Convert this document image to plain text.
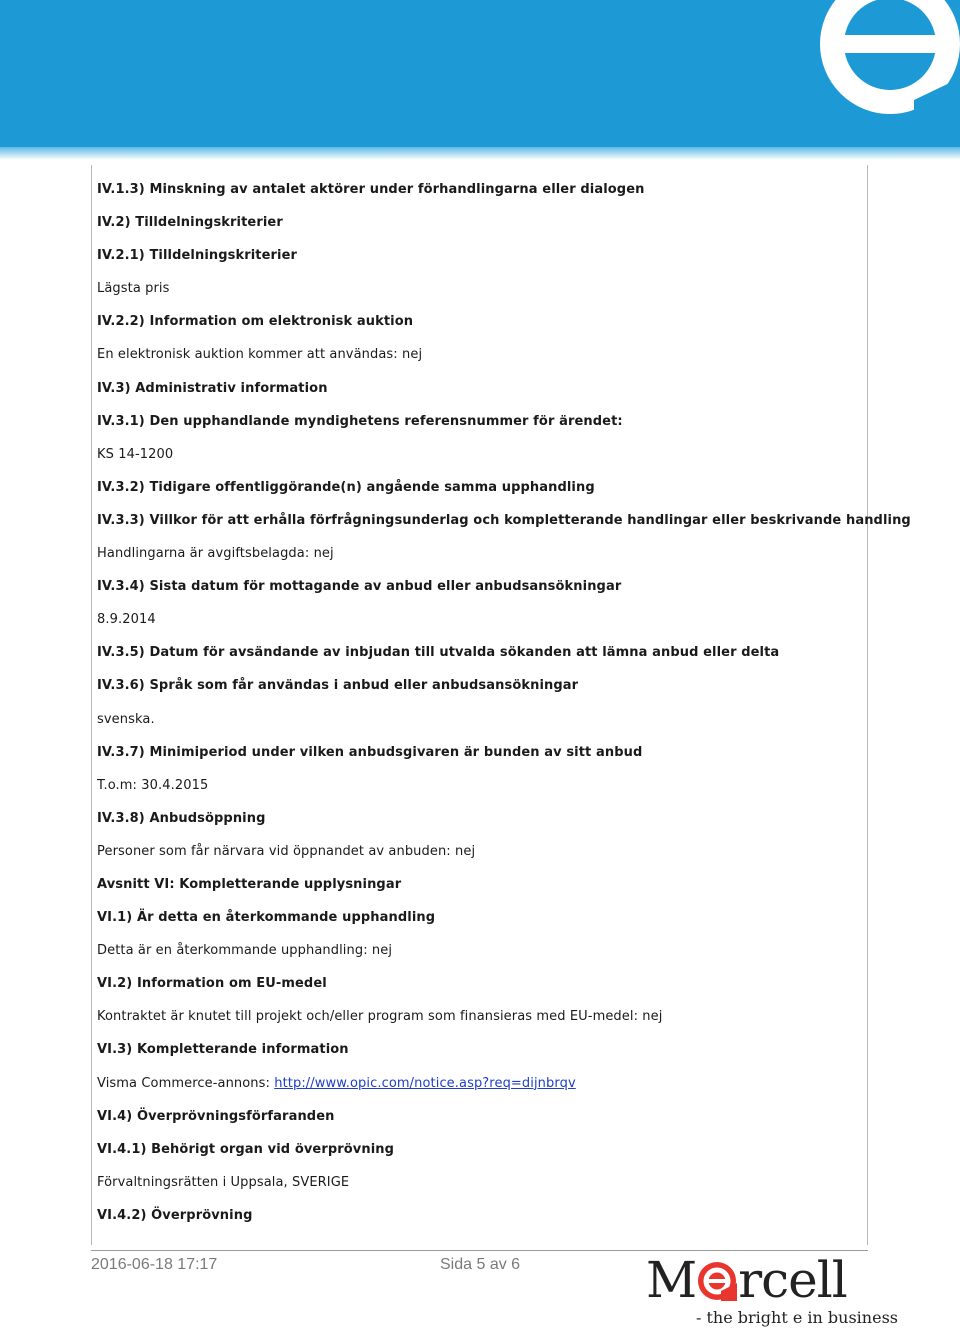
IV.1.3) Minskning av antalet aktörer under förhandlingarna eller dialogen
IV.2) Tilldelningskriterier
IV.2.1) Tilldelningskriterier
Lägsta pris
IV.2.2) Information om elektronisk auktion
En elektronisk auktion kommer att användas: nej
IV.3) Administrativ information
IV.3.1) Den upphandlande myndighetens referensnummer för ärendet:
KS 14-1200
IV.3.2) Tidigare offentliggörande(n) angående samma upphandling
IV.3.3) Villkor för att erhålla förfrågningsunderlag och kompletterande handlingar eller beskrivande handling
Handlingarna är avgiftsbelagda: nej
IV.3.4) Sista datum för mottagande av anbud eller anbudsansökningar
8.9.2014
IV.3.5) Datum för avsändande av inbjudan till utvalda sökanden att lämna anbud eller delta
IV.3.6) Språk som får användas i anbud eller anbudsansökningar
svenska.
IV.3.7) Minimiperiod under vilken anbudsgivaren är bunden av sitt anbud
T.o.m: 30.4.2015
IV.3.8) Anbudsöppning
Personer som får närvara vid öppnandet av anbuden: nej
Avsnitt VI: Kompletterande upplysningar
VI.1) Är detta en återkommande upphandling
Detta är en återkommande upphandling: nej
VI.2) Information om EU-medel
Kontraktet är knutet till projekt och/eller program som finansieras med EU-medel: nej
VI.3) Kompletterande information
Visma Commerce-annons: http://www.opic.com/notice.asp?req=dijnbrqv
VI.4) Överprövningsförfaranden
VI.4.1) Behörigt organ vid överprövning
Förvaltningsrätten i Uppsala, SVERIGE
VI.4.2) Överprövning
2016-06-18 17:17	Sida 5 av 6	M rcell
- the bright e in business
